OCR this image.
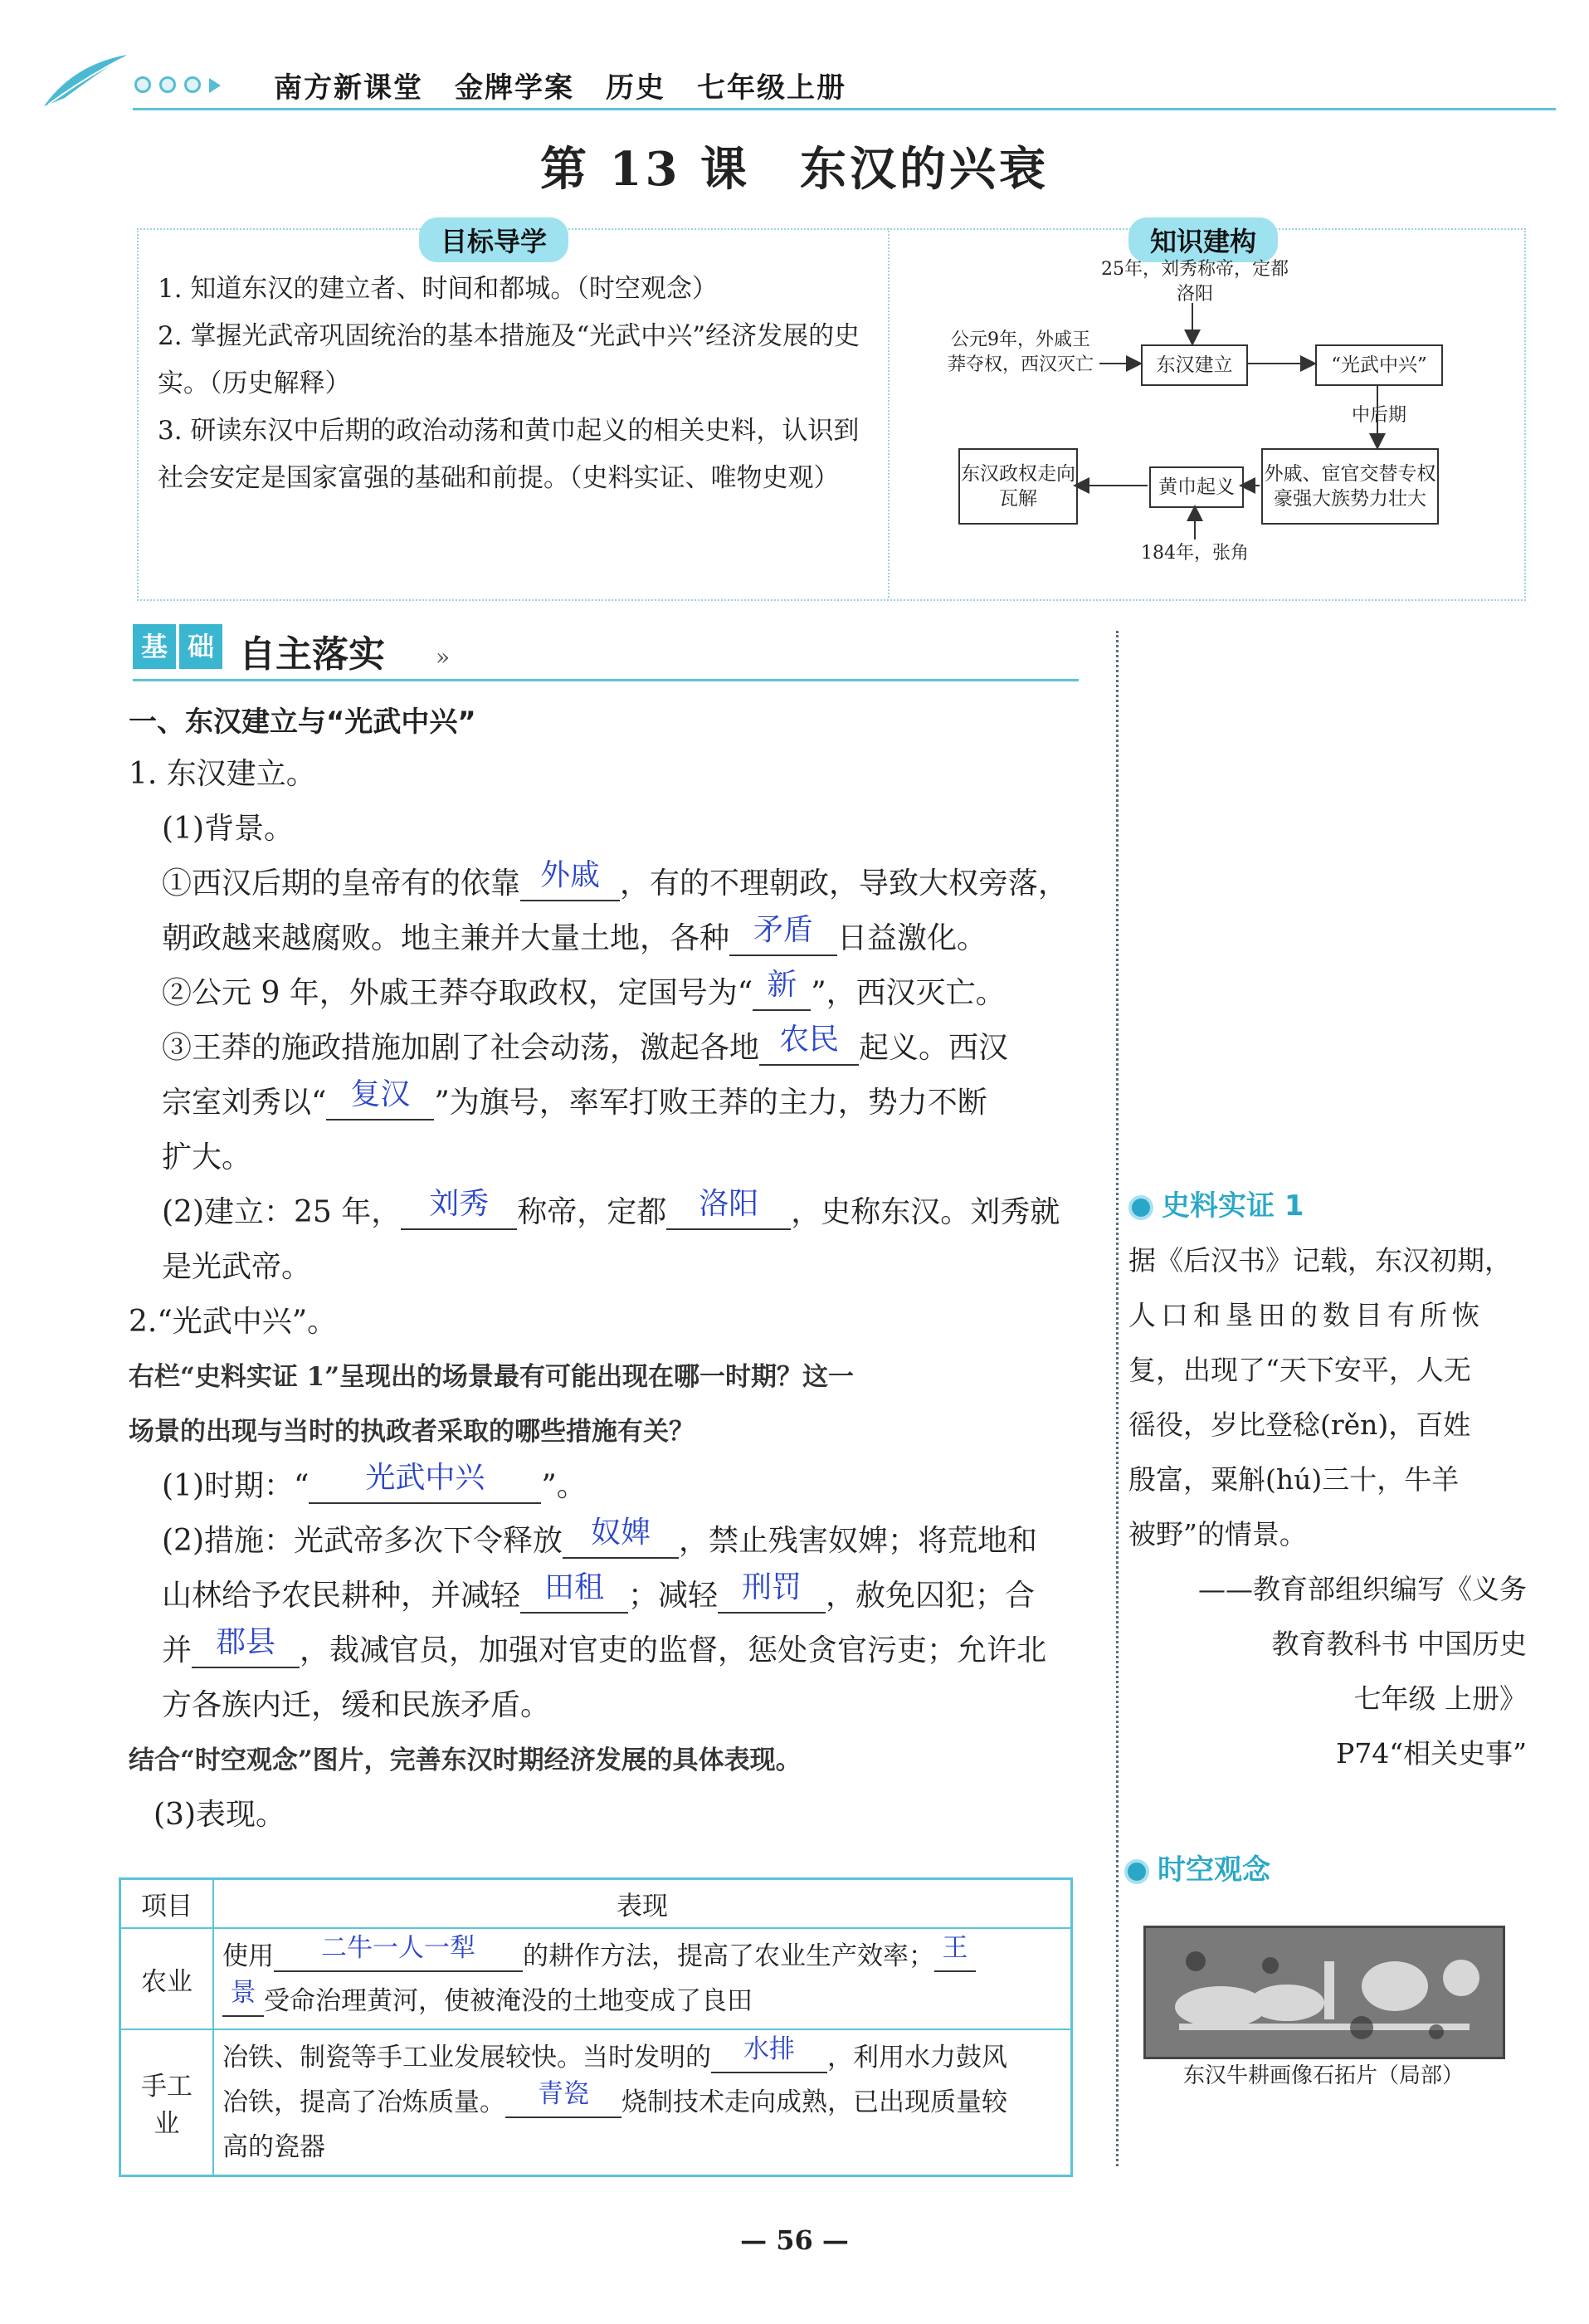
南方新课堂 金牌学案 历史 七年级上册
第 13 课 东汉的兴衰
目标导学

1. 知道东汉的建立者、时间和都城。（时空观念）

2. 掌握光武帝巩固统治的基本措施及“光武中兴”经济发展的史实。（历史解释）

3. 研读东汉中后期的政治动荡和黄巾起义的相关史料，认识到社会安定是国家富强的基础和前提。（史料实证、唯物史观）

知识建构
25年，刘秀称帝，定都洛阳
公元9年，外戚王莽夺权，西汉灭亡	东汉建立	“光武中兴”
中后期
外戚、宦官交替专权豪强大族势力壮大
黄巾起义
东汉政权走向瓦解
184年，张角
基 础 自主落实 »
一、东汉建立与“光武中兴”

1. 东汉建立。

(1)背景。

①西汉后期的皇帝有的依靠 外戚 ，有的不理朝政，导致大权旁落，

朝政越来越腐败。地主兼并大量土地，各种 矛盾 日益激化。

②公元 9 年，外戚王莽夺取政权，定国号为“ 新 ”，西汉灭亡。

③王莽的施政措施加剧了社会动荡，激起各地 农民 起义。西汉

宗室刘秀以“ 复汉 ”为旗号，率军打败王莽的主力，势力不断

扩大。

(2)建立：25 年， 刘秀 称帝，定都 洛阳 ，史称东汉。刘秀就

是光武帝。

2.“光武中兴”。

右栏“史料实证 1”呈现出的场景最有可能出现在哪一时期？这一

场景的出现与当时的执政者采取的哪些措施有关？

(1)时期：“ 光武中兴 ”。

(2)措施：光武帝多次下令释放 奴婢 ，禁止残害奴婢；将荒地和

山林给予农民耕种，并减轻 田租 ；减轻 刑罚 ，赦免囚犯；合

并 郡县 ，裁减官员，加强对官吏的监督，惩处贪官污吏；允许北

方各族内迁，缓和民族矛盾。

结合“时空观念”图片，完善东汉时期经济发展的具体表现。

(3)表现。

项目	表现
农业	使用 二牛一人一犁 的耕作方法，提高了农业生产效率； 王
景 受命治理黄河，使被淹没的土地变成了良田
手工业	冶铁、制瓷等手工业发展较快。当时发明的 水排 ，利用水力鼓风
冶铁，提高了冶炼质量。 青瓷 烧制技术走向成熟，已出现质量较
高的瓷器
史料实证 1
据《后汉书》记载，东汉初期，
人口和垦田的数目有所恢
复，出现了“天下安平，人无
徭役，岁比登稔(rěn)，百姓
殷富，粟斛(hú)三十，牛羊
被野”的情景。
——教育部组织编写《义务
教育教科书 中国历史
七年级 上册》
P74“相关史事”
时空观念
东汉牛耕画像石拓片（局部）
— 56 —
